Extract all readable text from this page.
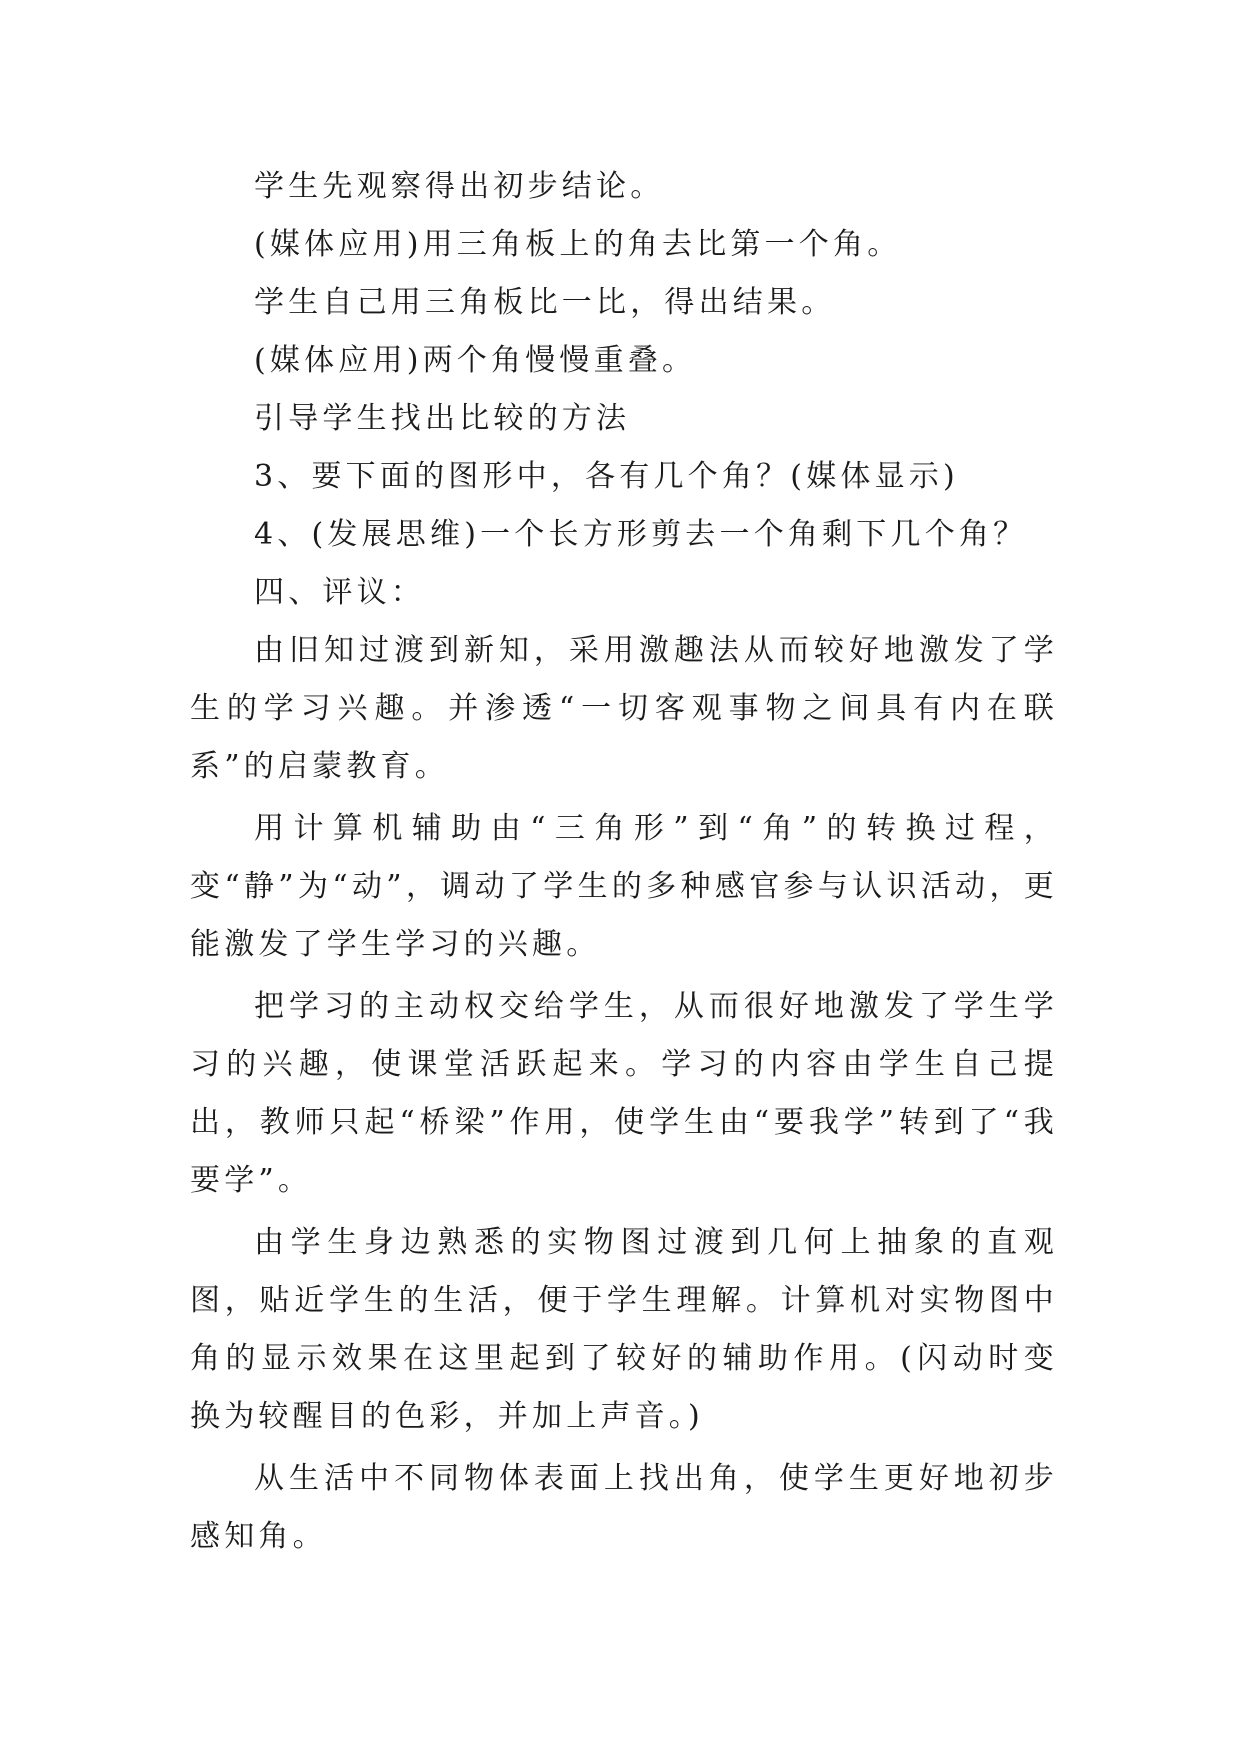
学生先观察得出初步结论。

(媒体应用)用三角板上的角去比第一个角。

学生自己用三角板比一比，得出结果。

(媒体应用)两个角慢慢重叠。

引导学生找出比较的方法

3、要下面的图形中，各有几个角？(媒体显示)

4、(发展思维)一个长方形剪去一个角剩下几个角？

四、评议：

由旧知过渡到新知，采用激趣法从而较好地激发了学生的学习兴趣。并渗透“一切客观事物之间具有内在联系”的启蒙教育。

用计算机辅助由“三角形”到“角”的转换过程，变“静”为“动”，调动了学生的多种感官参与认识活动，更能激发了学生学习的兴趣。

把学习的主动权交给学生，从而很好地激发了学生学习的兴趣，使课堂活跃起来。学习的内容由学生自己提出，教师只起“桥梁”作用，使学生由“要我学”转到了“我要学”。

由学生身边熟悉的实物图过渡到几何上抽象的直观图，贴近学生的生活，便于学生理解。计算机对实物图中角的显示效果在这里起到了较好的辅助作用。(闪动时变换为较醒目的色彩，并加上声音。)

从生活中不同物体表面上找出角，使学生更好地初步感知角。
